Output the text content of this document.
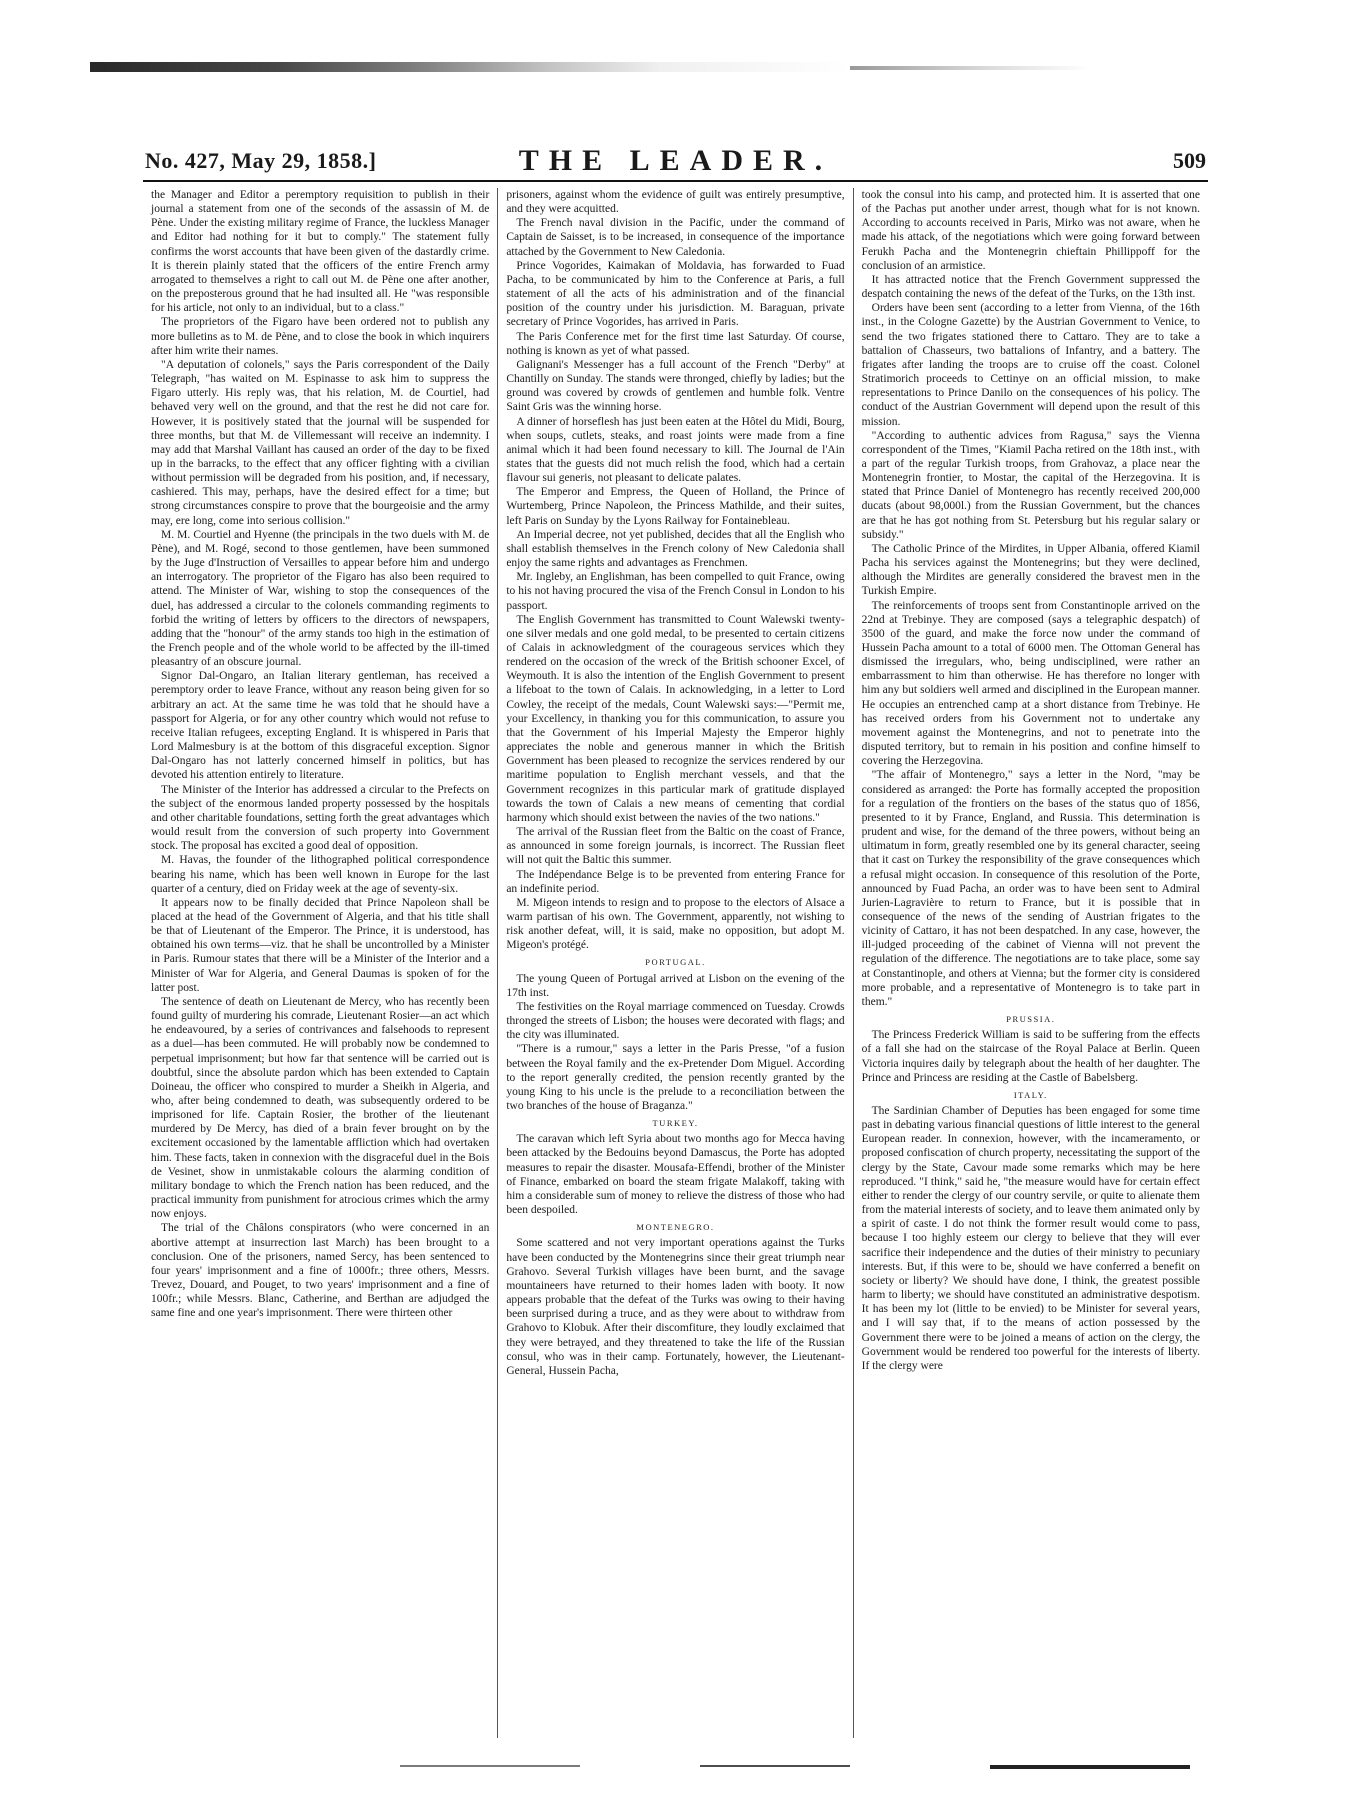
No. 427, May 29, 1858.]	THE LEADER.	509

the Manager and Editor a peremptory requisition to publish in their journal a statement from one of the seconds of the assassin of M. de Pène. Under the existing military regime of France, the luckless Manager and Editor had nothing for it but to comply." The statement fully confirms the worst accounts that have been given of the dastardly crime. It is therein plainly stated that the officers of the entire French army arrogated to themselves a right to call out M. de Pène one after another, on the preposterous ground that he had insulted all. He "was responsible for his article, not only to an individual, but to a class."

The proprietors of the Figaro have been ordered not to publish any more bulletins as to M. de Pène, and to close the book in which inquirers after him write their names.

"A deputation of colonels," says the Paris correspondent of the Daily Telegraph, "has waited on M. Espinasse to ask him to suppress the Figaro utterly. His reply was, that his relation, M. de Courtiel, had behaved very well on the ground, and that the rest he did not care for. However, it is positively stated that the journal will be suspended for three months, but that M. de Villemessant will receive an indemnity. I may add that Marshal Vaillant has caused an order of the day to be fixed up in the barracks, to the effect that any officer fighting with a civilian without permission will be degraded from his position, and, if necessary, cashiered. This may, perhaps, have the desired effect for a time; but strong circumstances conspire to prove that the bourgeoisie and the army may, ere long, come into serious collision."

M. M. Courtiel and Hyenne (the principals in the two duels with M. de Pène), and M. Rogé, second to those gentlemen, have been summoned by the Juge d'Instruction of Versailles to appear before him and undergo an interrogatory. The proprietor of the Figaro has also been required to attend. The Minister of War, wishing to stop the consequences of the duel, has addressed a circular to the colonels commanding regiments to forbid the writing of letters by officers to the directors of newspapers, adding that the "honour" of the army stands too high in the estimation of the French people and of the whole world to be affected by the ill-timed pleasantry of an obscure journal.

Signor Dal-Ongaro, an Italian literary gentleman, has received a peremptory order to leave France, without any reason being given for so arbitrary an act. At the same time he was told that he should have a passport for Algeria, or for any other country which would not refuse to receive Italian refugees, excepting England. It is whispered in Paris that Lord Malmesbury is at the bottom of this disgraceful exception. Signor Dal-Ongaro has not latterly concerned himself in politics, but has devoted his attention entirely to literature.

The Minister of the Interior has addressed a circular to the Prefects on the subject of the enormous landed property possessed by the hospitals and other charitable foundations, setting forth the great advantages which would result from the conversion of such property into Government stock. The proposal has excited a good deal of opposition.

M. Havas, the founder of the lithographed political correspondence bearing his name, which has been well known in Europe for the last quarter of a century, died on Friday week at the age of seventy-six.

It appears now to be finally decided that Prince Napoleon shall be placed at the head of the Government of Algeria, and that his title shall be that of Lieutenant of the Emperor. The Prince, it is understood, has obtained his own terms—viz. that he shall be uncontrolled by a Minister in Paris. Rumour states that there will be a Minister of the Interior and a Minister of War for Algeria, and General Daumas is spoken of for the latter post.

The sentence of death on Lieutenant de Mercy, who has recently been found guilty of murdering his comrade, Lieutenant Rosier—an act which he endeavoured, by a series of contrivances and falsehoods to represent as a duel—has been commuted. He will probably now be condemned to perpetual imprisonment; but how far that sentence will be carried out is doubtful, since the absolute pardon which has been extended to Captain Doineau, the officer who conspired to murder a Sheikh in Algeria, and who, after being condemned to death, was subsequently ordered to be imprisoned for life. Captain Rosier, the brother of the lieutenant murdered by De Mercy, has died of a brain fever brought on by the excitement occasioned by the lamentable affliction which had overtaken him. These facts, taken in connexion with the disgraceful duel in the Bois de Vesinet, show in unmistakable colours the alarming condition of military bondage to which the French nation has been reduced, and the practical immunity from punishment for atrocious crimes which the army now enjoys.

The trial of the Châlons conspirators (who were concerned in an abortive attempt at insurrection last March) has been brought to a conclusion. One of the prisoners, named Sercy, has been sentenced to four years' imprisonment and a fine of 1000fr.; three others, Messrs. Trevez, Douard, and Pouget, to two years' imprisonment and a fine of 100fr.; while Messrs. Blanc, Catherine, and Berthan are adjudged the same fine and one year's imprisonment. There were thirteen other

prisoners, against whom the evidence of guilt was entirely presumptive, and they were acquitted.

The French naval division in the Pacific, under the command of Captain de Saisset, is to be increased, in consequence of the importance attached by the Government to New Caledonia.

Prince Vogorides, Kaimakan of Moldavia, has forwarded to Fuad Pacha, to be communicated by him to the Conference at Paris, a full statement of all the acts of his administration and of the financial position of the country under his jurisdiction. M. Baraguan, private secretary of Prince Vogorides, has arrived in Paris.

The Paris Conference met for the first time last Saturday. Of course, nothing is known as yet of what passed.

Galignani's Messenger has a full account of the French "Derby" at Chantilly on Sunday. The stands were thronged, chiefly by ladies; but the ground was covered by crowds of gentlemen and humble folk. Ventre Saint Gris was the winning horse.

A dinner of horseflesh has just been eaten at the Hôtel du Midi, Bourg, when soups, cutlets, steaks, and roast joints were made from a fine animal which it had been found necessary to kill. The Journal de l'Ain states that the guests did not much relish the food, which had a certain flavour sui generis, not pleasant to delicate palates.

The Emperor and Empress, the Queen of Holland, the Prince of Wurtemberg, Prince Napoleon, the Princess Mathilde, and their suites, left Paris on Sunday by the Lyons Railway for Fontainebleau.

An Imperial decree, not yet published, decides that all the English who shall establish themselves in the French colony of New Caledonia shall enjoy the same rights and advantages as Frenchmen.

Mr. Ingleby, an Englishman, has been compelled to quit France, owing to his not having procured the visa of the French Consul in London to his passport.

The English Government has transmitted to Count Walewski twenty-one silver medals and one gold medal, to be presented to certain citizens of Calais in acknowledgment of the courageous services which they rendered on the occasion of the wreck of the British schooner Excel, of Weymouth. It is also the intention of the English Government to present a lifeboat to the town of Calais. In acknowledging, in a letter to Lord Cowley, the receipt of the medals, Count Walewski says:—"Permit me, your Excellency, in thanking you for this communication, to assure you that the Government of his Imperial Majesty the Emperor highly appreciates the noble and generous manner in which the British Government has been pleased to recognize the services rendered by our maritime population to English merchant vessels, and that the Government recognizes in this particular mark of gratitude displayed towards the town of Calais a new means of cementing that cordial harmony which should exist between the navies of the two nations."

The arrival of the Russian fleet from the Baltic on the coast of France, as announced in some foreign journals, is incorrect. The Russian fleet will not quit the Baltic this summer.

The Indépendance Belge is to be prevented from entering France for an indefinite period.

M. Migeon intends to resign and to propose to the electors of Alsace a warm partisan of his own. The Government, apparently, not wishing to risk another defeat, will, it is said, make no opposition, but adopt M. Migeon's protégé.

PORTUGAL.

The young Queen of Portugal arrived at Lisbon on the evening of the 17th inst.

The festivities on the Royal marriage commenced on Tuesday. Crowds thronged the streets of Lisbon; the houses were decorated with flags; and the city was illuminated.

"There is a rumour," says a letter in the Paris Presse, "of a fusion between the Royal family and the ex-Pretender Dom Miguel. According to the report generally credited, the pension recently granted by the young King to his uncle is the prelude to a reconciliation between the two branches of the house of Braganza."

TURKEY.

The caravan which left Syria about two months ago for Mecca having been attacked by the Bedouins beyond Damascus, the Porte has adopted measures to repair the disaster. Mousafa-Effendi, brother of the Minister of Finance, embarked on board the steam frigate Malakoff, taking with him a considerable sum of money to relieve the distress of those who had been despoiled.

MONTENEGRO.

Some scattered and not very important operations against the Turks have been conducted by the Montenegrins since their great triumph near Grahovo. Several Turkish villages have been burnt, and the savage mountaineers have returned to their homes laden with booty. It now appears probable that the defeat of the Turks was owing to their having been surprised during a truce, and as they were about to withdraw from Grahovo to Klobuk. After their discomfiture, they loudly exclaimed that they were betrayed, and they threatened to take the life of the Russian consul, who was in their camp. Fortunately, however, the Lieutenant-General, Hussein Pacha,

took the consul into his camp, and protected him. It is asserted that one of the Pachas put another under arrest, though what for is not known. According to accounts received in Paris, Mirko was not aware, when he made his attack, of the negotiations which were going forward between Ferukh Pacha and the Montenegrin chieftain Phillippoff for the conclusion of an armistice.

It has attracted notice that the French Government suppressed the despatch containing the news of the defeat of the Turks, on the 13th inst.

Orders have been sent (according to a letter from Vienna, of the 16th inst., in the Cologne Gazette) by the Austrian Government to Venice, to send the two frigates stationed there to Cattaro. They are to take a battalion of Chasseurs, two battalions of Infantry, and a battery. The frigates after landing the troops are to cruise off the coast. Colonel Stratimorich proceeds to Cettinye on an official mission, to make representations to Prince Danilo on the consequences of his policy. The conduct of the Austrian Government will depend upon the result of this mission.

"According to authentic advices from Ragusa," says the Vienna correspondent of the Times, "Kiamil Pacha retired on the 18th inst., with a part of the regular Turkish troops, from Grahovaz, a place near the Montenegrin frontier, to Mostar, the capital of the Herzegovina. It is stated that Prince Daniel of Montenegro has recently received 200,000 ducats (about 98,000l.) from the Russian Government, but the chances are that he has got nothing from St. Petersburg but his regular salary or subsidy."

The Catholic Prince of the Mirdites, in Upper Albania, offered Kiamil Pacha his services against the Montenegrins; but they were declined, although the Mirdites are generally considered the bravest men in the Turkish Empire.

The reinforcements of troops sent from Constantinople arrived on the 22nd at Trebinye. They are composed (says a telegraphic despatch) of 3500 of the guard, and make the force now under the command of Hussein Pacha amount to a total of 6000 men. The Ottoman General has dismissed the irregulars, who, being undisciplined, were rather an embarrassment to him than otherwise. He has therefore no longer with him any but soldiers well armed and disciplined in the European manner. He occupies an entrenched camp at a short distance from Trebinye. He has received orders from his Government not to undertake any movement against the Montenegrins, and not to penetrate into the disputed territory, but to remain in his position and confine himself to covering the Herzegovina.

"The affair of Montenegro," says a letter in the Nord, "may be considered as arranged: the Porte has formally accepted the proposition for a regulation of the frontiers on the bases of the status quo of 1856, presented to it by France, England, and Russia. This determination is prudent and wise, for the demand of the three powers, without being an ultimatum in form, greatly resembled one by its general character, seeing that it cast on Turkey the responsibility of the grave consequences which a refusal might occasion. In consequence of this resolution of the Porte, announced by Fuad Pacha, an order was to have been sent to Admiral Jurien-Lagravière to return to France, but it is possible that in consequence of the news of the sending of Austrian frigates to the vicinity of Cattaro, it has not been despatched. In any case, however, the ill-judged proceeding of the cabinet of Vienna will not prevent the regulation of the difference. The negotiations are to take place, some say at Constantinople, and others at Vienna; but the former city is considered more probable, and a representative of Montenegro is to take part in them."

PRUSSIA.

The Princess Frederick William is said to be suffering from the effects of a fall she had on the staircase of the Royal Palace at Berlin. Queen Victoria inquires daily by telegraph about the health of her daughter. The Prince and Princess are residing at the Castle of Babelsberg.

ITALY.

The Sardinian Chamber of Deputies has been engaged for some time past in debating various financial questions of little interest to the general European reader. In connexion, however, with the incameramento, or proposed confiscation of church property, necessitating the support of the clergy by the State, Cavour made some remarks which may be here reproduced. "I think," said he, "the measure would have for certain effect either to render the clergy of our country servile, or quite to alienate them from the material interests of society, and to leave them animated only by a spirit of caste. I do not think the former result would come to pass, because I too highly esteem our clergy to believe that they will ever sacrifice their independence and the duties of their ministry to pecuniary interests. But, if this were to be, should we have conferred a benefit on society or liberty? We should have done, I think, the greatest possible harm to liberty; we should have constituted an administrative despotism. It has been my lot (little to be envied) to be Minister for several years, and I will say that, if to the means of action possessed by the Government there were to be joined a means of action on the clergy, the Government would be rendered too powerful for the interests of liberty. If the clergy were
